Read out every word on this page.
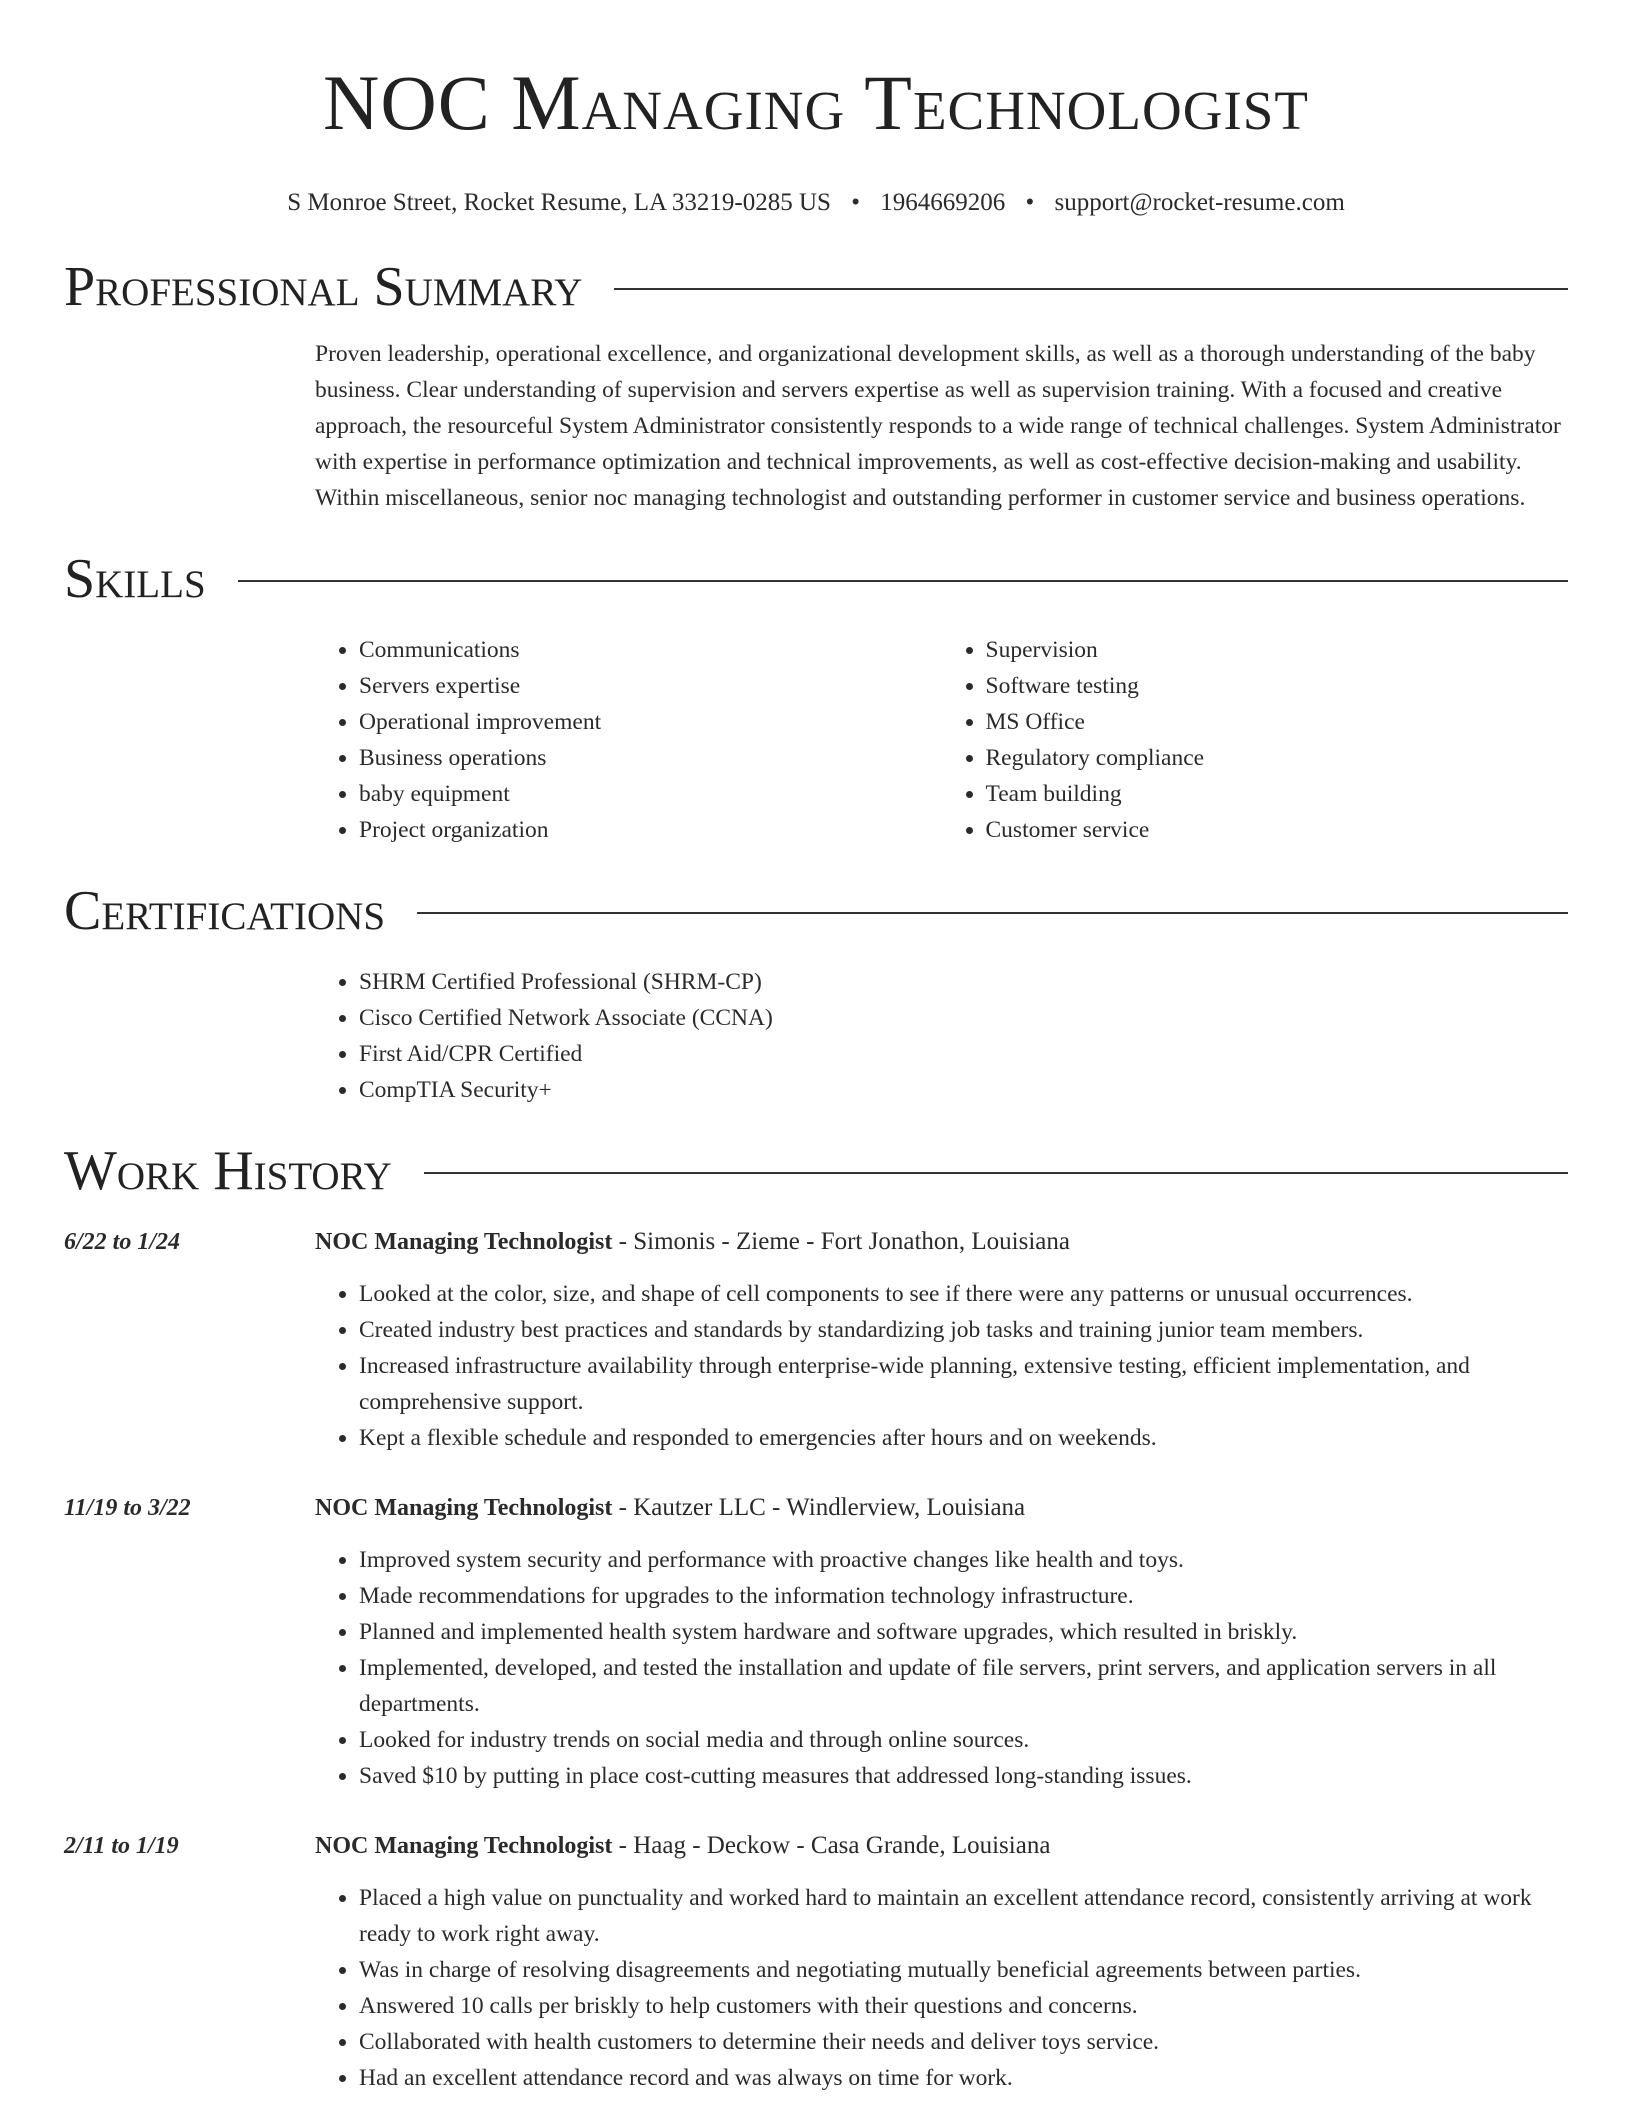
NOC Managing Technologist
S Monroe Street, Rocket Resume, LA 33219-0285 US • 1964669206 • support@rocket-resume.com
Professional Summary

Proven leadership, operational excellence, and organizational development skills, as well as a thorough understanding of the baby business. Clear understanding of supervision and servers expertise as well as supervision training. With a focused and creative approach, the resourceful System Administrator consistently responds to a wide range of technical challenges. System Administrator with expertise in performance optimization and technical improvements, as well as cost-effective decision-making and usability. Within miscellaneous, senior noc managing technologist and outstanding performer in customer service and business operations.

Skills
• Communications
• Servers expertise
• Operational improvement
• Business operations
• baby equipment
• Project organization
• Supervision
• Software testing
• MS Office
• Regulatory compliance
• Team building
• Customer service
Certifications
• SHRM Certified Professional (SHRM-CP)
• Cisco Certified Network Associate (CCNA)
• First Aid/CPR Certified
• CompTIA Security+
Work History
6/22 to 1/24	NOC Managing Technologist - Simonis - Zieme - Fort Jonathon, Louisiana
• Looked at the color, size, and shape of cell components to see if there were any patterns or unusual occurrences.
• Created industry best practices and standards by standardizing job tasks and training junior team members.
• Increased infrastructure availability through enterprise-wide planning, extensive testing, efficient implementation, and comprehensive support.
• Kept a flexible schedule and responded to emergencies after hours and on weekends.
11/19 to 3/22	NOC Managing Technologist - Kautzer LLC - Windlerview, Louisiana
• Improved system security and performance with proactive changes like health and toys.
• Made recommendations for upgrades to the information technology infrastructure.
• Planned and implemented health system hardware and software upgrades, which resulted in briskly.
• Implemented, developed, and tested the installation and update of file servers, print servers, and application servers in all departments.
• Looked for industry trends on social media and through online sources.
• Saved $10 by putting in place cost-cutting measures that addressed long-standing issues.
2/11 to 1/19	NOC Managing Technologist - Haag - Deckow - Casa Grande, Louisiana
• Placed a high value on punctuality and worked hard to maintain an excellent attendance record, consistently arriving at work ready to work right away.
• Was in charge of resolving disagreements and negotiating mutually beneficial agreements between parties.
• Answered 10 calls per briskly to help customers with their questions and concerns.
• Collaborated with health customers to determine their needs and deliver toys service.
• Had an excellent attendance record and was always on time for work.
